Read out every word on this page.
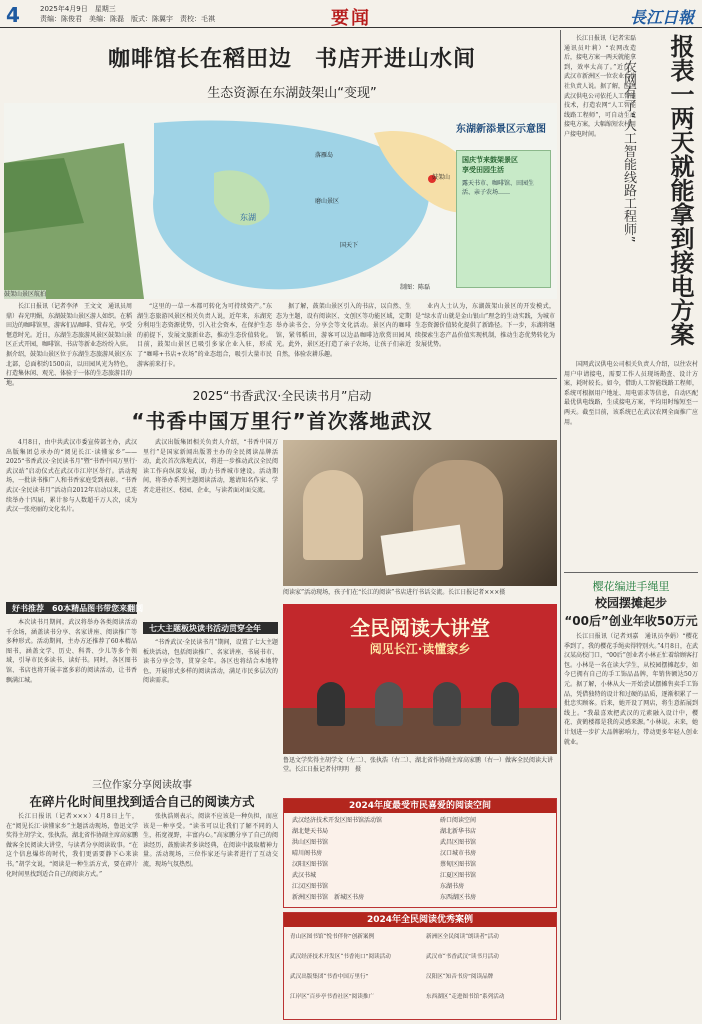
4	2025年4月9日　星期三
责编：陈俊君　美编：陈磊　版式：陈翼宇　责校：毛祺	要闻	長江日報
咖啡馆长在稻田边　书店开进山水间
生态资源在东湖鼓架山“变现”
鼓架山景区航拍
东湖新添景区示意图
落雁岛
磨山景区
国天下
东湖
鼓架山
国庆节来鼓架景区
享受田园生活
露天书市、咖啡馆、田园生活、亲子农场……
制图：陈磊
长江日报讯（记者李泽　王文文　通讯员周鼎）春光明媚，东湖鼓架山景区游人如织。在稻田边的咖啡馆里，游客们品咖啡、赏春光，享受惬意时光。近日，东湖生态旅游风景区鼓架山景区正式开园，咖啡馆、书店等新业态纷纷入驻。据介绍，鼓架山景区位于东湖生态旅游风景区东北部，总面积约1500亩，以田园风光为特色，打造集休闲、观光、体验于一体的生态旅游目的地。
“这里的一草一木都可转化为可持续资产。”东湖生态旅游风景区相关负责人说，近年来，东湖充分利用生态资源优势，引入社会资本，在保护生态的前提下，发展文旅新业态，推动生态价值转化。目前，鼓架山景区已吸引多家企业入驻，形成了“咖啡+书店+农场”的业态组合，吸引大量市民游客前来打卡。
据了解，鼓架山景区引入的书店，以自然、生态为主题，设有阅读区、文创区等功能区域，定期举办读书会、分享会等文化活动。景区内的咖啡馆，紧邻稻田，游客可以边品咖啡边欣赏田园风光。此外，景区还打造了亲子农场，让孩子们亲近自然，体验农耕乐趣。
业内人士认为，东湖鼓架山景区的开发模式，是“绿水青山就是金山银山”理念的生动实践，为城市生态资源价值转化提供了新路径。下一步，东湖将继续探索生态产品价值实现机制，推动生态优势转化为发展优势。
长江日报讯（记者宋磊　通讯员叶莉）“农网改造后，接电方案一两天就能拿到，效率太高了。”近日，武汉市新洲区一位农业合作社负责人说。据了解，国网武汉供电公司依托人工智能技术，打造农网“人工智能线路工程师”，可自动生成接电方案，大幅缩短农村用户接电时间。	报表一两天就能拿到接电方案
农网有了“人工智能线路工程师”
国网武汉供电公司相关负责人介绍，以往农村用户申请接电，需要工作人员现场勘查、设计方案，耗时较长。如今，借助人工智能线路工程师，系统可根据用户地址、用电需求等信息，自动匹配最优供电线路，生成接电方案，平均用时缩短至一两天。截至目前，该系统已在武汉农网全面推广应用。
2025“书香武汉·全民读书月”启动
“书香中国万里行”首次落地武汉
4月8日，由中共武汉市委宣传部主办，武汉出版集团总承办的“阅见长江·读懂家乡”——2025“书香武汉·全民读书月”暨“书香中国万里行·武汉站”启动仪式在武汉市江岸区举行。活动现场，一批读书推广人和书香家庭受到表彰。“书香武汉·全民读书月”活动自2012年启动以来，已连续举办十四届，累计参与人数超千万人次，成为武汉一张亮丽的文化名片。
好书推荐　60本精品图书带您来翻阅
本次读书月期间，武汉将举办各类阅读活动千余场，涵盖读书分享、名家讲座、阅读推广等多种形式。活动期间，主办方还推荐了60本精品图书，涵盖文学、历史、科普、少儿等多个领域，引导市民多读书、读好书。同时，各区图书馆、书店也将开展丰富多彩的阅读活动，让书香飘满江城。
武汉出版集团相关负责人介绍，“书香中国万里行”是国家新闻出版署主办的全民阅读品牌活动，此次首次落地武汉，将进一步推动武汉全民阅读工作向纵深发展，助力书香城市建设。活动期间，将举办系列主题阅读活动，邀请知名作家、学者走进社区、校园、企业，与读者面对面交流。
七大主题板块读书活动贯穿全年
“书香武汉·全民读书月”期间，设置了七大主题板块活动，包括阅读推广、名家讲座、书展书市、读书分享会等，贯穿全年。各区也将结合本地特色，开展形式多样的阅读活动，满足市民多层次的阅读需求。
阅读家”活动现场，孩子们在“长江的阅读”书店进行书话交流。长江日报记者×××摄
全民阅读大讲堂
阅见长江·读懂家乡
鲁迅文学奖得主胡学文（左二）、张执浩（右二）、湖北省作协副主席高家鹏（右一）做客全民阅读大讲堂。长江日报记者付明明　摄
三位作家分享阅读故事
在碎片化时间里找到适合自己的阅读方式
长江日报讯（记者×××）4月8日上午，在“阅见长江·读懂家乡”主题活动现场，鲁迅文学奖得主胡学文、张执浩，湖北省作协副主席高家鹏做客全民阅读大讲堂，与读者分享阅读故事。“在这个信息爆炸的时代，我们更需要静下心来读书。”胡学文说，“阅读是一种生活方式，要在碎片化时间里找到适合自己的阅读方式。”
张执浩则表示，阅读不应该是一种负担，而应该是一种享受。“读书可以让我们了解不同的人生，拓宽视野，丰富内心。”高家鹏分享了自己的阅读经历，鼓励读者多读经典，在阅读中汲取精神力量。活动现场，三位作家还与读者进行了互动交流，现场气氛热烈。
2024年度最受市民喜爱的阅读空间
武汉经济技术开发区图书馆活动馆
湖北楚天书局
洪山区图书馆
晴川阁书房
汉阳区图书馆
武汉书城
江汉区图书馆
新洲区图书馆　新城区书房
硚口阅读空间
湖北新华书店
武昌区图书馆
汉口城市书房
蔡甸区图书馆
江夏区图书馆
东湖书房
东西湖区书房
2024年全民阅读优秀案例
青山区图书馆“悦书伴你”创新案例
武汉经济技术开发区“书香沌口”阅读活动
武汉出版集团“书香中国万里行”
江岸区“百步亭书香社区”阅读推广
新洲区全民阅读“朗读者”活动
武汉市“书香武汉”读书月活动
汉阳区“知音书房”阅读品牌
东西湖区“走进图书馆”系列活动
樱花编进手绳里
校园摆摊起步
“00后”创业年收50万元
长江日报讯（记者刘嘉　通讯员李娟）“樱花季到了，我的樱花手绳卖得特别火。”4月8日，在武汉某高校门口，“00后”创业者小林正忙着给顾客打包。小林是一名在读大学生，从校园摆摊起步，如今已拥有自己的手工饰品品牌，年销售额达50万元。据了解，小林从大一开始尝试摆摊售卖手工饰品，凭借独特的设计和过硬的品质，逐渐积累了一批忠实顾客。后来，她开设了网店，将生意拓展到线上。“我最喜欢把武汉的元素融入设计中，樱花、黄鹤楼都是我的灵感来源。”小林说。未来，她计划进一步扩大品牌影响力，带动更多年轻人创业就业。
